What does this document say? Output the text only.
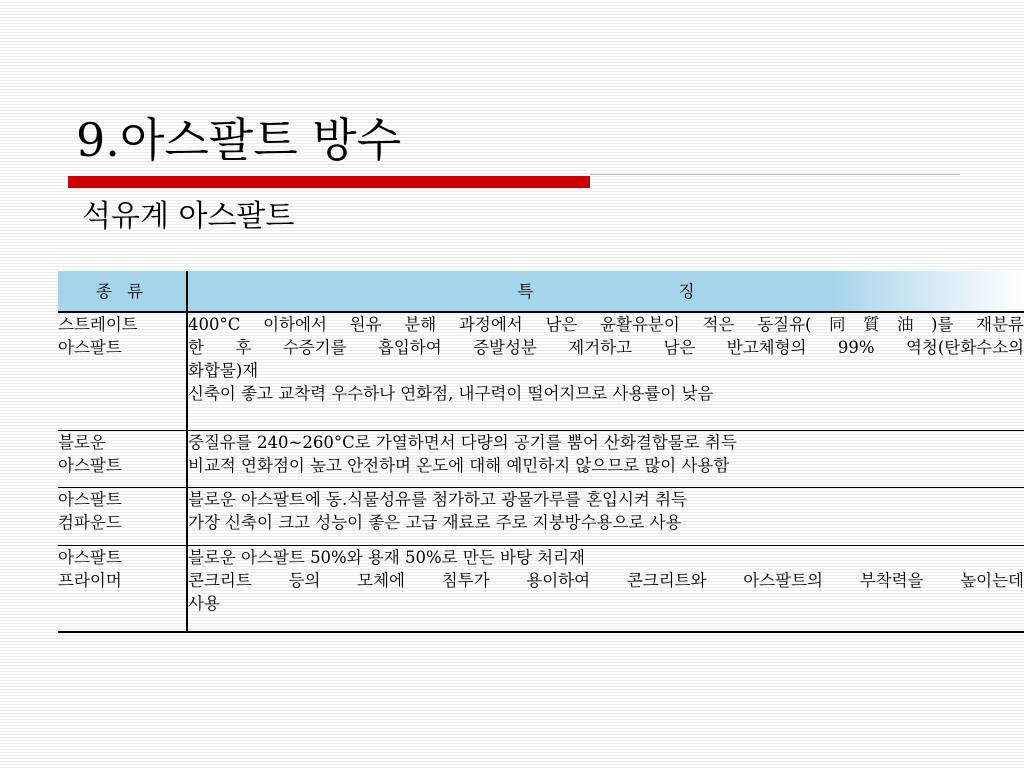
9.아스팔트 방수
석유계 아스팔트
종 류	특 징

스트레이트
아스팔트	400°C 이하에서 원유 분해 과정에서 남은 윤활유분이 적은 동질유(同質油)를 재분류
한 후 수증기를 흡입하여 증발성분 제거하고 남은 반고체형의 99% 역청(탄화수소의
화합물)재
신축이 좋고 교착력 우수하나 연화점, 내구력이 떨어지므로 사용률이 낮음

블로운
아스팔트	중질유를 240~260°C로 가열하면서 다량의 공기를 뿜어 산화결합물로 취득
비교적 연화점이 높고 안전하며 온도에 대해 예민하지 않으므로 많이 사용함

아스팔트
컴파운드	블로운 아스팔트에 동.식물성유를 첨가하고 광물가루를 혼입시켜 취득
가장 신축이 크고 성능이 좋은 고급 재료로 주로 지붕방수용으로 사용

아스팔트
프라이머	블로운 아스팔트 50%와 용재 50%로 만든 바탕 처리재
콘크리트 등의 모체에 침투가 용이하여 콘크리트와 아스팔트의 부착력을 높이는데
사용
